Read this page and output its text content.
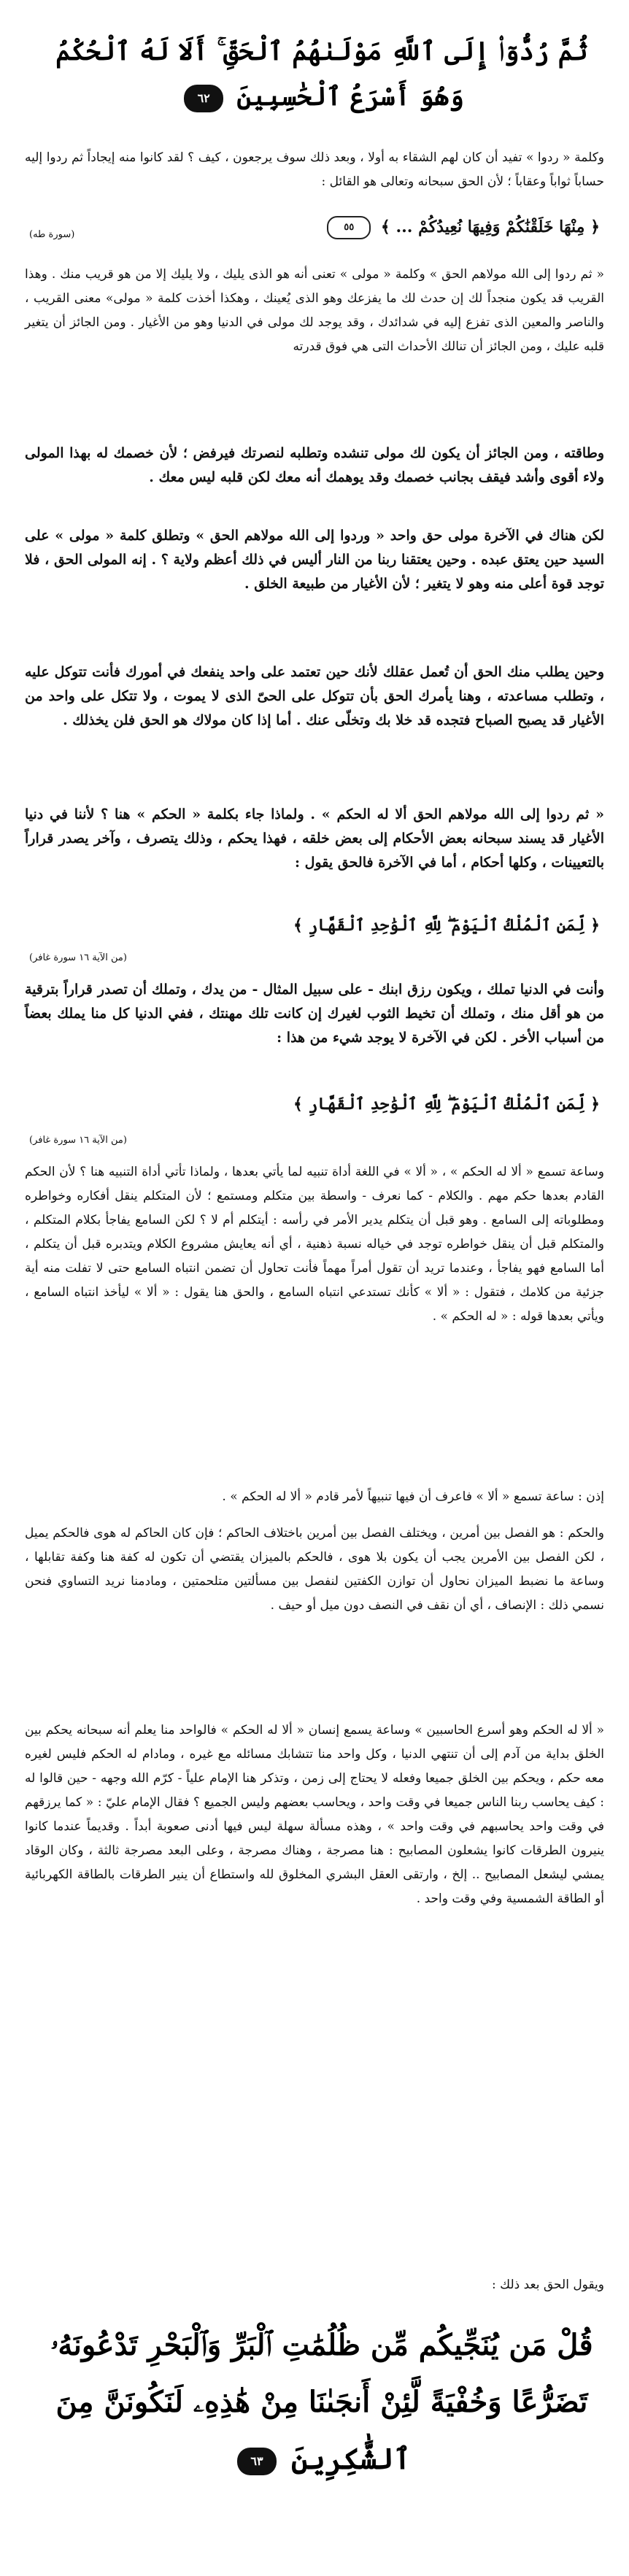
ثُمَّ رُدُّوٓا۟ إِلَى ٱللَّهِ مَوْلَىٰهُمُ ٱلْحَقِّ ۚ أَلَا لَهُ ٱلْحُكْمُ
وَهُوَ أَسْرَعُ ٱلْحَٰسِبِينَ ٦٢
وكلمة « ردوا » تفيد أن كان لهم الشقاء به أولا ، وبعد ذلك سوف يرجعون ، كيف ؟ لقد كانوا منه إيجاداً ثم ردوا إليه حساباً ثواباً وعقاباً ؛ لأن الحق سبحانه وتعالى هو القائل :
﴿ مِنْهَا خَلَقْنَٰكُمْ وَفِيهَا نُعِيدُكُمْ ... ﴾ ٥٥
(سورة طه)
« ثم ردوا إلى الله مولاهم الحق » وكلمة « مولى » تعنى أنه هو الذى يليك ، ولا يليك إلا من هو قريب منك . وهذا القريب قد يكون منجداً لك إن حدث لك ما يفزعك وهو الذى يُعينك ، وهكذا أخذت كلمة « مولى» معنى القريب ، والناصر والمعين الذى تفزع إليه في شدائدك ، وقد يوجد لك مولى في الدنيا وهو من الأغيار . ومن الجائز أن يتغير قلبه عليك ، ومن الجائز أن تنالك الأحداث التى هي فوق قدرته
وطاقته ، ومن الجائز أن يكون لك مولى تنشده وتطلبه لنصرتك فيرفض ؛ لأن خصمك له بهذا المولى ولاء أقوى وأشد فيقف بجانب خصمك وقد يوهمك أنه معك لكن قلبه ليس معك .
لكن هناك في الآخرة مولى حق واحد « وردوا إلى الله مولاهم الحق » وتطلق كلمة « مولى » على السيد حين يعتق عبده . وحين يعتقنا ربنا من النار أليس في ذلك أعظم ولاية ؟ . إنه المولى الحق ، فلا توجد قوة أعلى منه وهو لا يتغير ؛ لأن الأغيار من طبيعة الخلق .
وحين يطلب منك الحق أن تُعمل عقلك لأنك حين تعتمد على واحد ينفعك في أمورك فأنت تتوكل عليه ، وتطلب مساعدته ، وهنا يأمرك الحق بأن تتوكل على الحىّ الذى لا يموت ، ولا تتكل على واحد من الأغيار قد يصبح الصباح فتجده قد خلا بك وتخلّى عنك . أما إذا كان مولاك هو الحق فلن يخذلك .
« ثم ردوا إلى الله مولاهم الحق ألا له الحكم » . ولماذا جاء بكلمة « الحكم » هنا ؟ لأننا في دنيا الأغيار قد يسند سبحانه بعض الأحكام إلى بعض خلقه ، فهذا يحكم ، وذلك يتصرف ، وآخر يصدر قراراً بالتعيينات ، وكلها أحكام ، أما في الآخرة فالحق يقول :
﴿ لِّمَنِ ٱلْمُلْكُ ٱلْيَوْمَ ۖ لِلَّهِ ٱلْوَٰحِدِ ٱلْقَهَّارِ ﴾
(من الآية ١٦ سورة غافر)
وأنت في الدنيا تملك ، ويكون رزق ابنك - على سبيل المثال - من يدك ، وتملك أن تصدر قراراً بترقية من هو أقل منك ، وتملك أن تخيط الثوب لغيرك إن كانت تلك مهنتك ، ففي الدنيا كل منا يملك بعضاً من أسباب الأخر . لكن في الآخرة لا يوجد شيء من هذا :
﴿ لِّمَنِ ٱلْمُلْكُ ٱلْيَوْمَ ۖ لِلَّهِ ٱلْوَٰحِدِ ٱلْقَهَّارِ ﴾
(من الآية ١٦ سورة غافر)
وساعة تسمع « ألا له الحكم » ، « ألا » في اللغة أداة تنبيه لما يأتي بعدها ، ولماذا تأتي أداة التنبيه هنا ؟ لأن الحكم القادم بعدها حكم مهم . والكلام - كما نعرف - واسطة بين متكلم ومستمع ؛ لأن المتكلم ينقل أفكاره وخواطره ومطلوباته إلى السامع . وهو قبل أن يتكلم يدير الأمر في رأسه : أيتكلم أم لا ؟ لكن السامع يفاجأ بكلام المتكلم ، والمتكلم قبل أن ينقل خواطره توجد في خياله نسبة ذهنية ، أي أنه يعايش مشروع الكلام ويتدبره قبل أن يتكلم ، أما السامع فهو يفاجأ ، وعندما تريد أن تقول أمراً مهماً فأنت تحاول أن تضمن انتباه السامع حتى لا تفلت منه أية جزئية من كلامك ، فتقول : « ألا » كأنك تستدعي انتباه السامع ، والحق هنا يقول : « ألا » ليأخذ انتباه السامع ، ويأتي بعدها قوله : « له الحكم » .
إذن : ساعة تسمع « ألا » فاعرف أن فيها تنبيهاً لأمر قادم « ألا له الحكم » .
والحكم : هو الفصل بين أمرين ، ويختلف الفصل بين أمرين باختلاف الحاكم ؛ فإن كان الحاكم له هوى فالحكم يميل ، لكن الفصل بين الأمرين يجب أن يكون بلا هوى ، فالحكم بالميزان يقتضي أن تكون له كفة هنا وكفة تقابلها ، وساعة ما نضبط الميزان نحاول أن توازن الكفتين لنفصل بين مسألتين متلحمتين ، ومادمنا نريد التساوي فنحن نسمي ذلك : الإنصاف ، أي أن نقف في النصف دون ميل أو حيف .
« ألا له الحكم وهو أسرع الحاسبين » وساعة يسمع إنسان « ألا له الحكم » فالواحد منا يعلم أنه سبحانه يحكم بين الخلق بداية من آدم إلى أن تنتهي الدنيا ، وكل واحد منا تتشابك مسائله مع غيره ، ومادام له الحكم فليس لغيره معه حكم ، ويحكم بين الخلق جميعا وفعله لا يحتاج إلى زمن ، وتذكر هنا الإمام علياً - كرّم الله وجهه - حين قالوا له : كيف يحاسب ربنا الناس جميعا في وقت واحد ، ويحاسب بعضهم وليس الجميع ؟ فقال الإمام عليّ : « كما يرزقهم في وقت واحد يحاسبهم في وقت واحد » ، وهذه مسألة سهلة ليس فيها أدنى صعوبة أبداً . وقديماً عندما كانوا ينيرون الطرقات كانوا يشعلون المصابيح : هنا مصرجة ، وهناك مصرجة ، وعلى البعد مصرجة ثالثة ، وكان الوقاد يمشي ليشعل المصابيح .. إلخ ، وارتقى العقل البشري المخلوق لله واستطاع أن ينير الطرقات بالطاقة الكهربائية أو الطاقة الشمسية وفي وقت واحد .
ويقول الحق بعد ذلك :
قُلْ مَن يُنَجِّيكُم مِّن ظُلُمَٰتِ ٱلْبَرِّ وَٱلْبَحْرِ تَدْعُونَهُۥ
تَضَرُّعًا وَخُفْيَةً لَّئِنْ أَنجَىٰنَا مِنْ هَٰذِهِۦ لَنَكُونَنَّ مِنَ
ٱلشَّٰكِرِينَ ٦٣
